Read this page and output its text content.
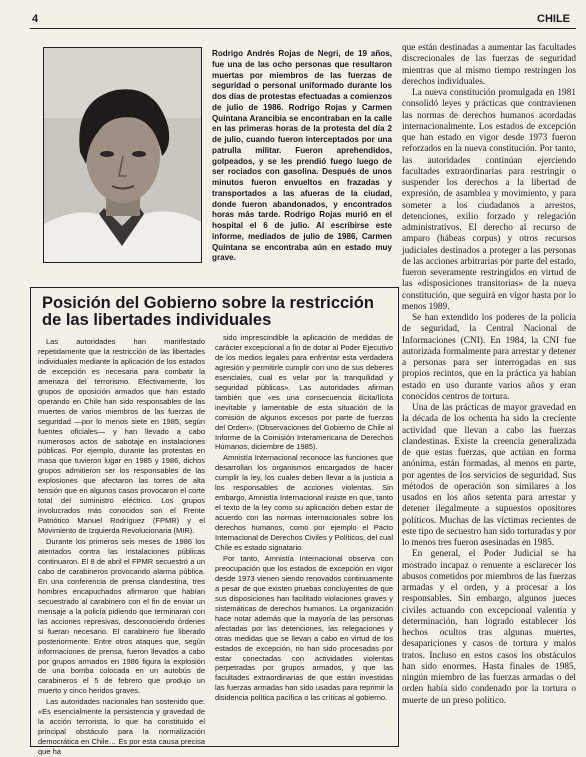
4	CHILE
Rodrigo Andrés Rojas de Negri, de 19 años, fue una de las ocho personas que resultaron muertas por miembros de las fuerzas de seguridad o personal uniformado durante los dos días de protestas efectuadas a comienzos de julio de 1986. Rodrigo Rojas y Carmen Quintana Arancibia se encontraban en la calle en las primeras horas de la protesta del día 2 de julio, cuando fueron interceptados por una patrulla militar. Fueron aprehendidos, golpeados, y se les prendió fuego luego de ser rociados con gasolina. Después de unos minutos fueron envueltos en frazadas y transportados a las afueras de la ciudad, donde fueron abandonados, y encontrados horas más tarde. Rodrigo Rojas murió en el hospital el 6 de julio. Al escribirse este informe, mediados de julio de 1986, Carmen Quintana se encontraba aún en estado muy grave.
Posición del Gobierno sobre la restricción de las libertades individuales

Las autoridades han manifestado repetidamente que la restricción de las libertades individuales mediante la aplicación de los estados de excepción es necesaria para combatir la amenaza del terrorismo. Efectivamente, los grupos de oposición armados que han estado operando en Chile han sido responsables de las muertes de varios miembros de las fuerzas de seguridad —por lo menos siete en 1985, según fuentes oficiales— y han llevado a cabo numerosos actos de sabotaje en instalaciones públicas. Por ejemplo, durante las protestas en masa que tuvieron lugar en 1985 y 1986, dichos grupos admitieron ser los responsables de las explosiones que afectaron las torres de alta tensión que en algunos casos provocaron el corte total del suministro eléctrico. Los grupos involucrados más conocidos son el Frente Patriótico Manuel Rodríguez (FPMR) y el Movimiento de Izquierda Revolucionaria (MIR).

Durante los primeros seis meses de 1986 los atentados contra las instalaciones públicas continuaron. El 8 de abril el FPMR secuestró a un cabo de carabineros provocando alarma pública. En una conferencia de prensa clandestina, tres hombres encapuchados afirmaron que habían secuestrado al carabinero con el fin de enviar un mensaje a la policía pidiendo que terminaran con las acciones represivas, desconociendo órdenes si fueran necesario. El carabinero fue liberado posteriormente. Entre otros ataques que, según informaciones de prensa, fueron llevados a cabo por grupos armados en 1986 figura la explosión de una bomba colocada en un autobús de carabineros el 5 de febrero que produjo un muerto y cinco heridos graves.

Las autoridades nacionales han sostenido que: «Es esencialmente la persistencia y gravedad de la acción terrorista, lo que ha constituido el principal obstáculo para la normalización democrática en Chile… Es por esta causa precisa que ha

sido imprescindible la aplicación de medidas de carácter excepcional a fin de dotar al Poder Ejecutivo de los medios legales para enfrentar esta verdadera agresión y permitirle cumplir con uno de sus deberes esenciales, cual es velar por la tranquilidad y seguridad públicas». Las autoridades afirman también que «es una consecuencia ilícita/lícita inevitable y lamentable de esta situación de la comisión de algunos excesos por parte de fuerzas del Orden». (Observaciones del Gobierno de Chile al Informe de la Comisión Interamericana de Derechos Humanos, diciembre de 1985).

Amnistía Internacional reconoce las funciones que desarrollan los organismos encargados de hacer cumplir la ley, los cuales deben llevar a la justicia a los responsables de acciones violentas. Sin embargo, Amnistía Internacional insiste en que, tanto el texto de la ley como su aplicación deben estar de acuerdo con las normas internacionales sobre los derechos humanos, como por ejemplo el Pacto Internacional de Derechos Civiles y Políticos, del cual Chile es estado signatario.

Por tanto, Amnistía Internacional observa con preocupación que los estados de excepción en vigor desde 1973 vienen siendo renovados continuamente a pesar de que existen pruebas concluyentes de que sus disposiciones han facilitado violaciones graves y sistemáticas de derechos humanos. La organización hace notar además que la mayoría de las personas afectadas por las detenciones, las relegaciones y otras medidas que se llevan a cabo en virtud de los estados de excepción, no han sido procesadas por estar conectadas con actividades violentas perpetradas por grupos armados, y que las facultades extraordinarias de que están investidas las fuerzas armadas han sido usadas para reprimir la disidencia política pacífica o las críticas al gobierno.

que están destinadas a aumentar las facultades discrecionales de las fuerzas de seguridad mientras que al mismo tiempo restringen los derechos individuales.

La nueva constitución promulgada en 1981 consolidó leyes y prácticas que contravienen las normas de derechos humanos acordadas internacionalmente. Los estados de excepción que han estado en vigor desde 1973 fueron reforzados en la nueva constitución. Por tanto, las autoridades continúan ejerciendo facultades extraordinarias para restringir o suspender los derechos a la libertad de expresión, de asamblea y movimiento, y para someter a los ciudadanos a arrestos, detenciones, exilio forzado y relegación administrativos. El derecho al recurso de amparo (hábeas corpus) y otros recursos judiciales destinados a proteger a las personas de las acciones arbitrarias por parte del estado, fueron severamente restringidos en virtud de las «disposiciones transitorias» de la nueva constitución, que seguirá en vigor hasta por lo menos 1989.

Se han extendido los poderes de la policía de seguridad, la Central Nacional de Informaciones (CNI). En 1984, la CNI fue autorizada formalmente para arrestar y detener a personas para ser interrogadas en sus propios recintos, que en la práctica ya habían estado en uso durante varios años y eran conocidos centros de tortura.

Una de las prácticas de mayor gravedad en la década de los ochenta ha sido la creciente actividad que llevan a cabo las fuerzas clandestinas. Existe la creencia generalizada de que estas fuerzas, que actúan en forma anónima, están formadas, al menos en parte, por agentes de los servicios de seguridad. Sus métodos de operación son similares a los usados en los años setenta para arrestar y detener ilegalmente a supuestos opositores políticos. Muchas de las víctimas recientes de este tipo de secuestro han sido torturadas y por lo menos tres fueron asesinadas en 1985.

En general, el Poder Judicial se ha mostrado incapaz o renuente a esclarecer los abusos cometidos por miembros de las fuerzas armadas y el orden, y a procesar a los responsables. Sin embargo, algunos jueces civiles actuando con excepcional valentía y determinación, han logrado establecer los hechos ocultos tras algunas muertes, desapariciones y casos de tortura y malos tratos. Incluso en estos casos los obstáculos han sido enormes. Hasta finales de 1985, ningún miembro de las fuerzas armadas o del orden había sido condenado por la tortura o muerte de un preso político.
